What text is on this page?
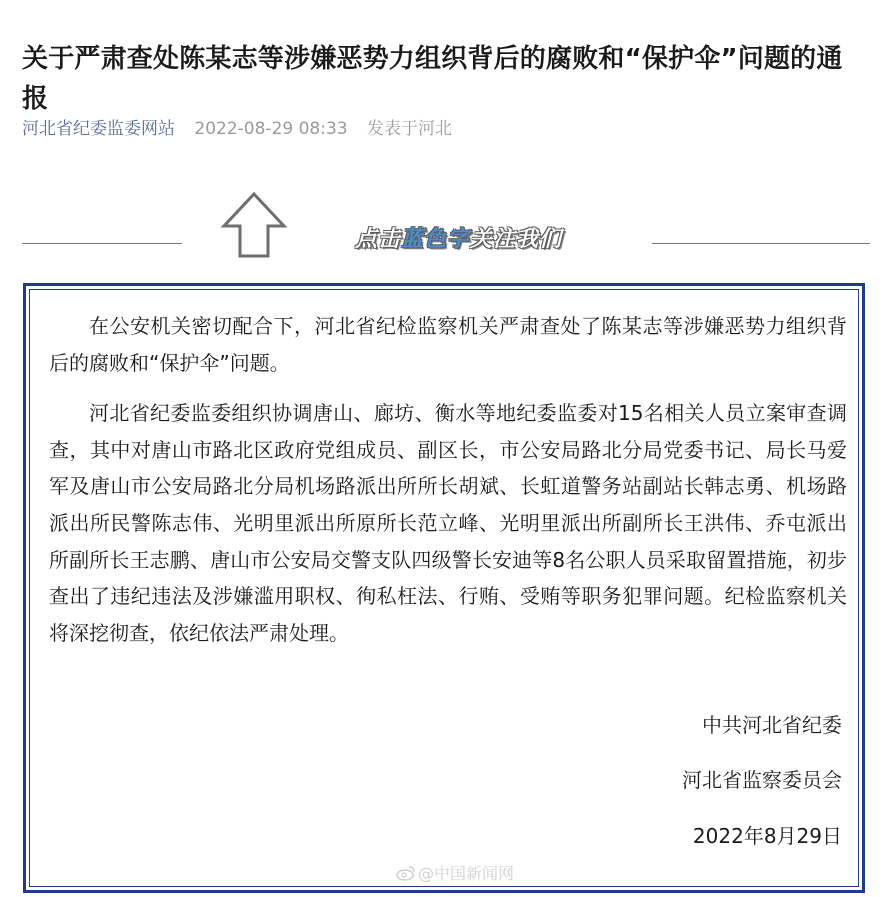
关于严肃查处陈某志等涉嫌恶势力组织背后的腐败和“保护伞”问题的通报
河北省纪委监委网站 2022-08-29 08:33 发表于河北
点击蓝色字关注我们

在公安机关密切配合下，河北省纪检监察机关严肃查处了陈某志等涉嫌恶势力组织背后的腐败和“保护伞”问题。

河北省纪委监委组织协调唐山、廊坊、衡水等地纪委监委对15名相关人员立案审查调查，其中对唐山市路北区政府党组成员、副区长，市公安局路北分局党委书记、局长马爱军及唐山市公安局路北分局机场路派出所所长胡斌、长虹道警务站副站长韩志勇、机场路派出所民警陈志伟、光明里派出所原所长范立峰、光明里派出所副所长王洪伟、乔屯派出所副所长王志鹏、唐山市公安局交警支队四级警长安迪等8名公职人员采取留置措施，初步查出了违纪违法及涉嫌滥用职权、徇私枉法、行贿、受贿等职务犯罪问题。纪检监察机关将深挖彻查，依纪依法严肃处理。

中共河北省纪委
河北省监察委员会
2022年8月29日
@中国新闻网
